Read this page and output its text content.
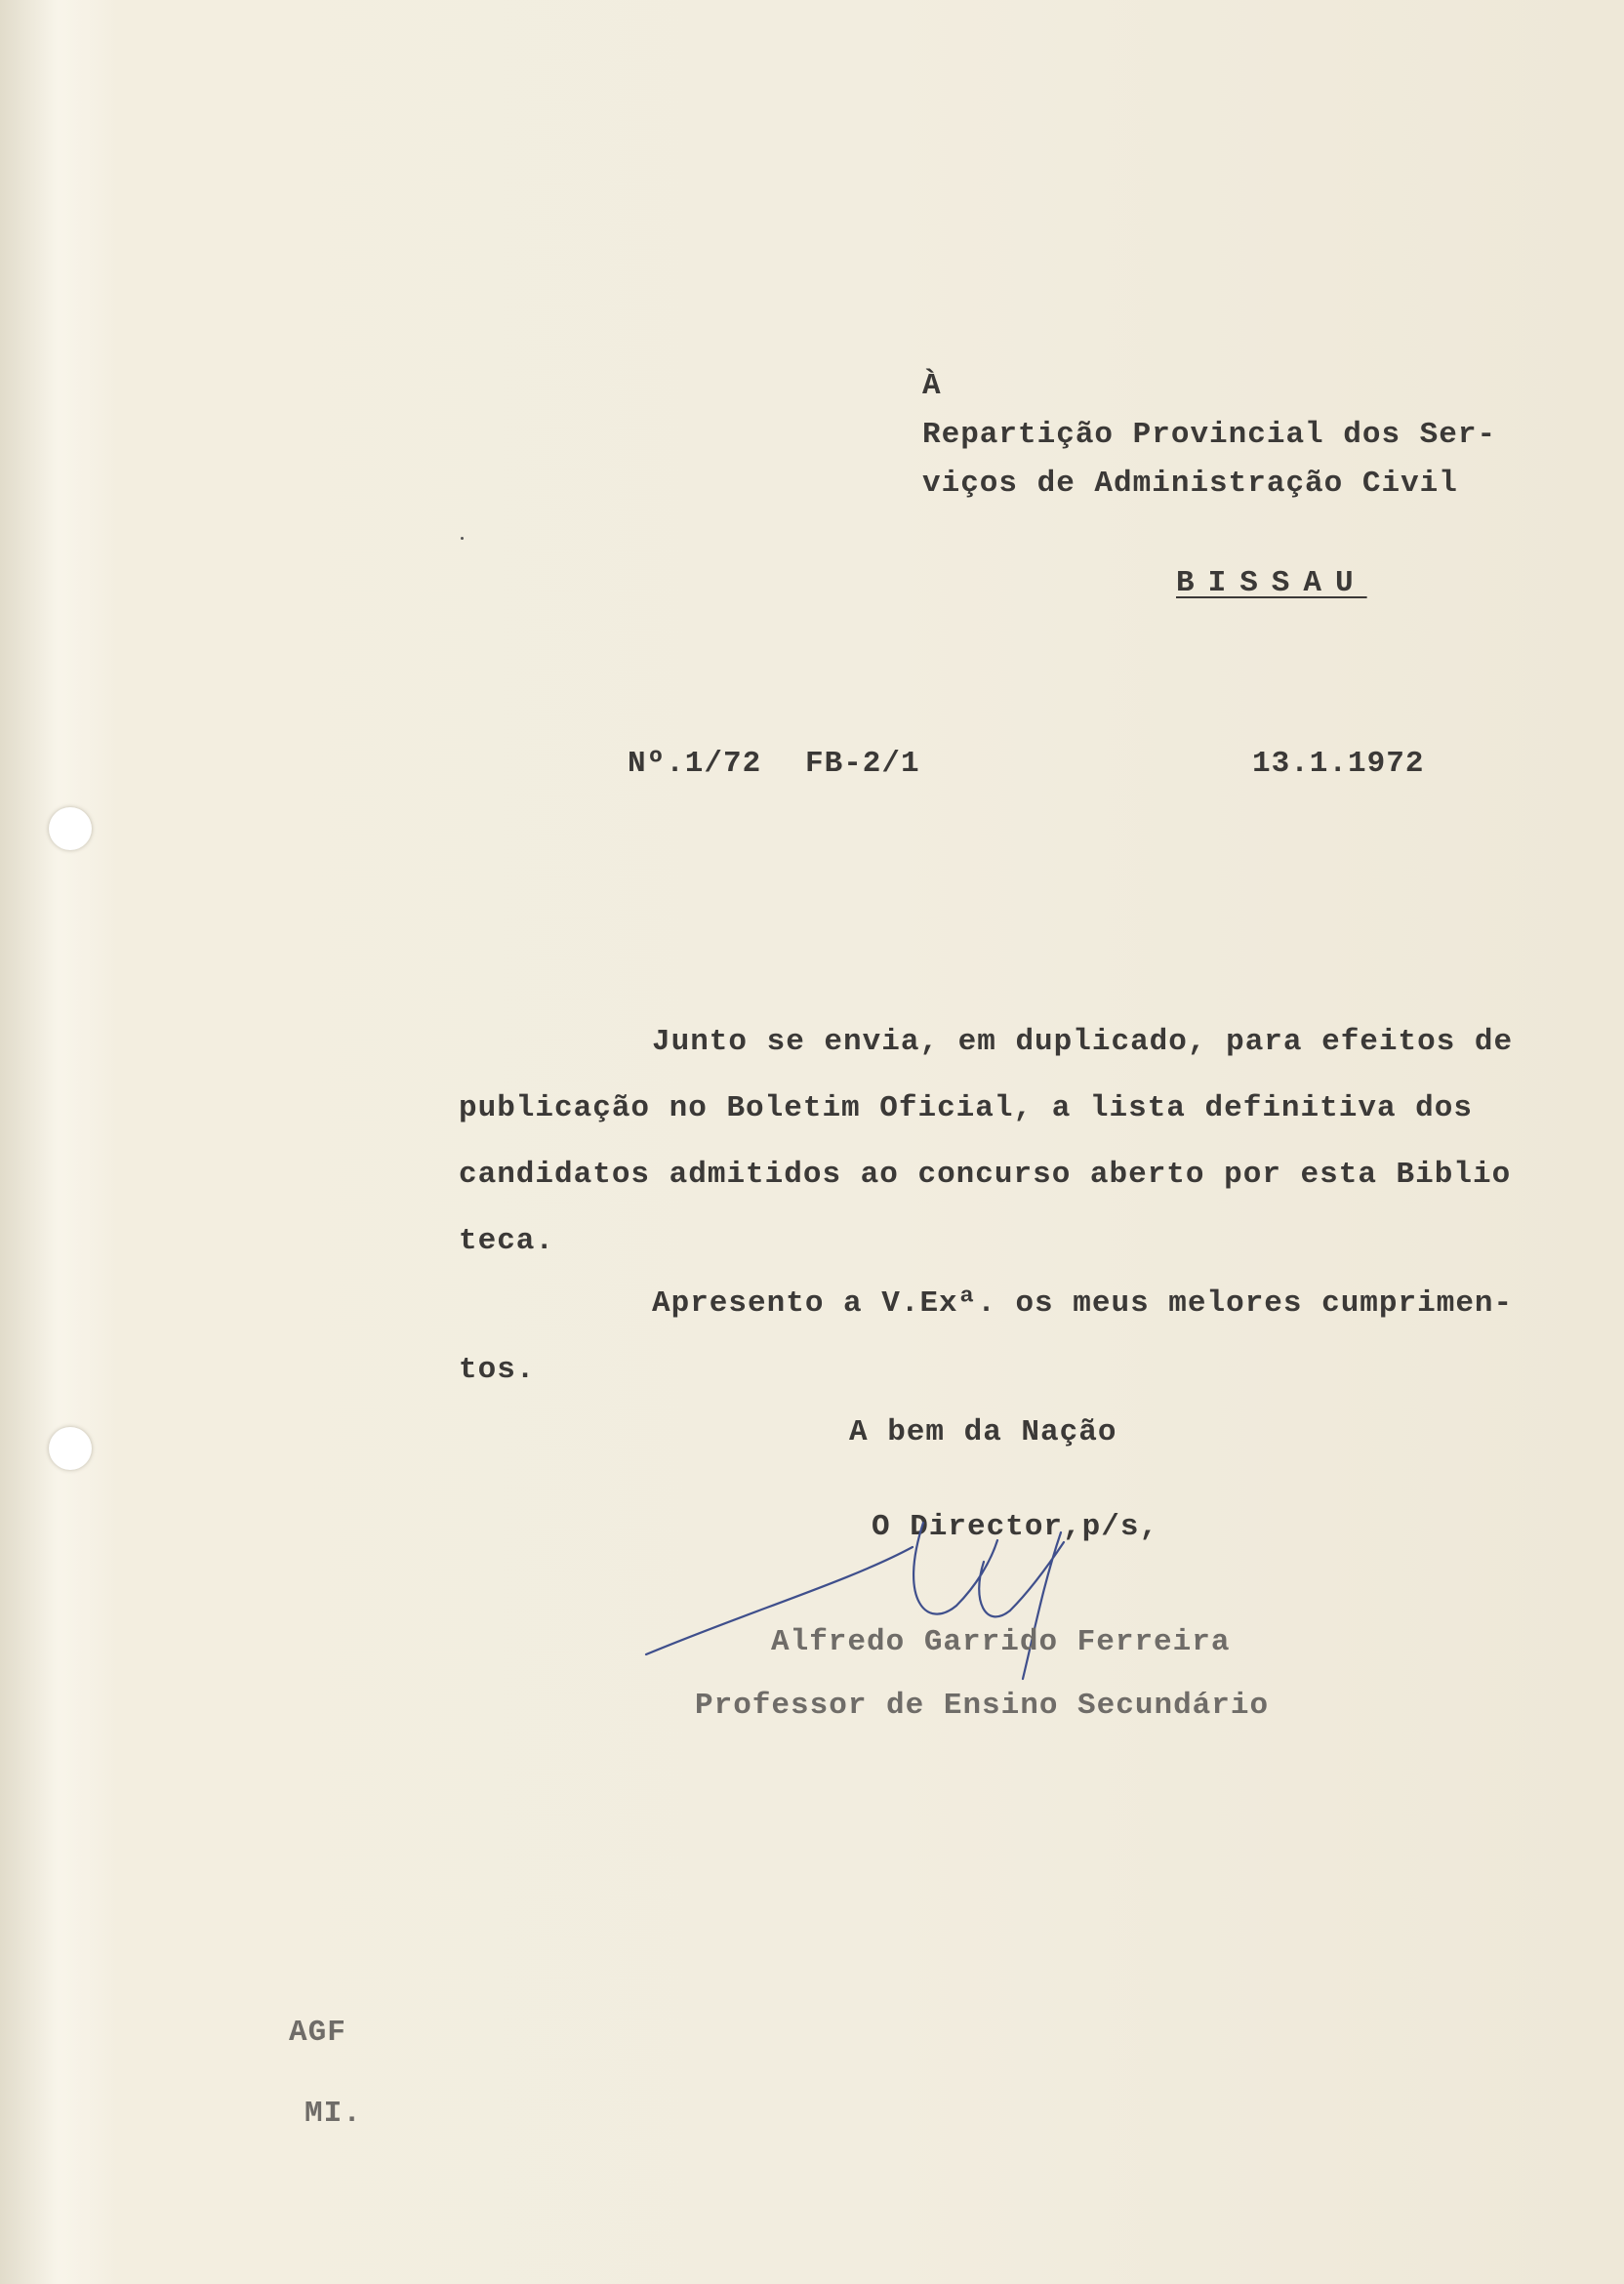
À
Repartição Provincial dos Ser-
viços de Administração Civil
BISSAU
Nº.1/72 FB-2/1	13.1.1972
Junto se envia, em duplicado, para efeitos de
publicação no Boletim Oficial, a lista definitiva dos
candidatos admitidos ao concurso aberto por esta Biblio
teca.
Apresento a V.Exª. os meus melores cumprimen-
tos.
A bem da Nação
O Director,p/s,
Alfredo Garrido Ferreira
Professor de Ensino Secundário
AGF
MI.
